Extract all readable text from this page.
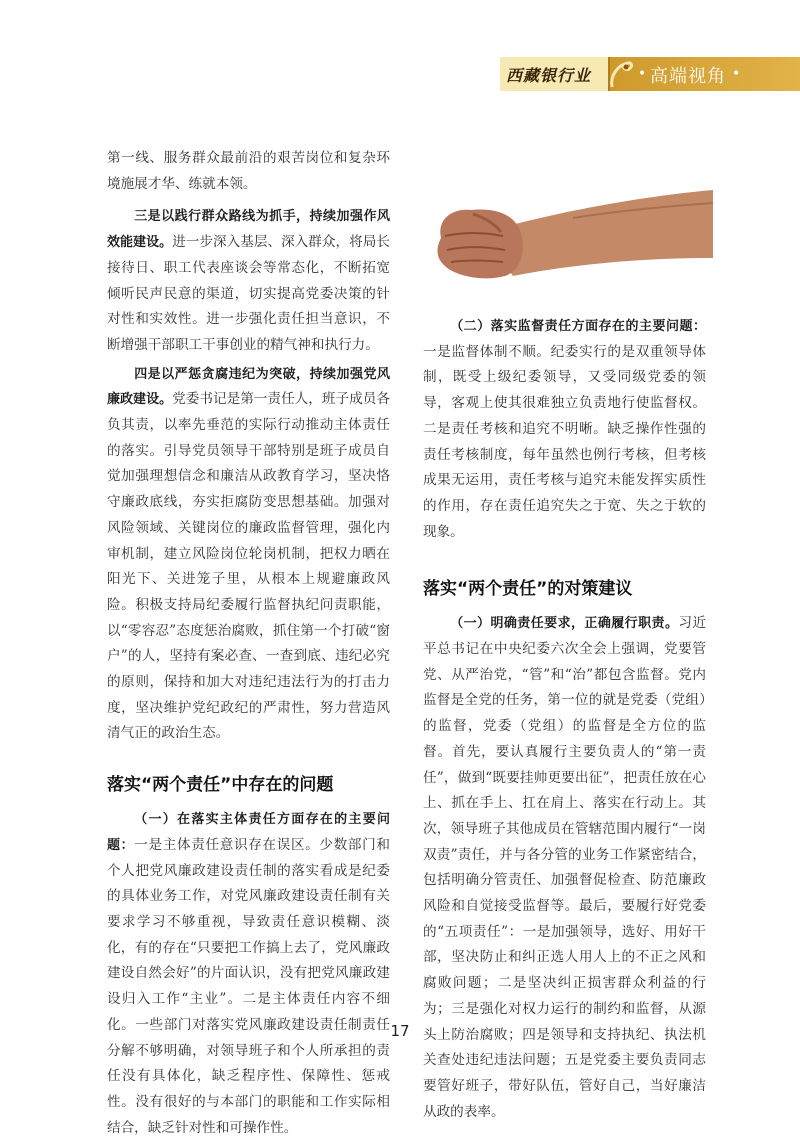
西藏银行业	• 高端视角 •

第一线、服务群众最前沿的艰苦岗位和复杂环境施展才华、练就本领。

三是以践行群众路线为抓手，持续加强作风效能建设。进一步深入基层、深入群众，将局长接待日、职工代表座谈会等常态化，不断拓宽倾听民声民意的渠道，切实提高党委决策的针对性和实效性。进一步强化责任担当意识，不断增强干部职工干事创业的精气神和执行力。

四是以严惩贪腐违纪为突破，持续加强党风廉政建设。党委书记是第一责任人，班子成员各负其责，以率先垂范的实际行动推动主体责任的落实。引导党员领导干部特别是班子成员自觉加强理想信念和廉洁从政教育学习，坚决恪守廉政底线，夯实拒腐防变思想基础。加强对风险领域、关键岗位的廉政监督管理，强化内审机制，建立风险岗位轮岗机制，把权力晒在阳光下、关进笼子里，从根本上规避廉政风险。积极支持局纪委履行监督执纪问责职能，以“零容忍”态度惩治腐败，抓住第一个打破“窗户”的人，坚持有案必查、一查到底、违纪必究的原则，保持和加大对违纪违法行为的打击力度，坚决维护党纪政纪的严肃性，努力营造风清气正的政治生态。

落实“两个责任”中存在的问题

（一）在落实主体责任方面存在的主要问题：一是主体责任意识存在误区。少数部门和个人把党风廉政建设责任制的落实看成是纪委的具体业务工作，对党风廉政建设责任制有关要求学习不够重视，导致责任意识模糊、淡化，有的存在“只要把工作搞上去了，党风廉政建设自然会好”的片面认识，没有把党风廉政建设归入工作“主业”。二是主体责任内容不细化。一些部门对落实党风廉政建设责任制责任分解不够明确，对领导班子和个人所承担的责任没有具体化，缺乏程序性、保障性、惩戒性。没有很好的与本部门的职能和工作实际相结合，缺乏针对性和可操作性。

（二）落实监督责任方面存在的主要问题：一是监督体制不顺。纪委实行的是双重领导体制，既受上级纪委领导，又受同级党委的领导，客观上使其很难独立负责地行使监督权。二是责任考核和追究不明晰。缺乏操作性强的责任考核制度，每年虽然也例行考核，但考核成果无运用，责任考核与追究未能发挥实质性的作用，存在责任追究失之于宽、失之于软的现象。

落实“两个责任”的对策建议

（一）明确责任要求，正确履行职责。习近平总书记在中央纪委六次全会上强调，党要管党、从严治党，“管”和“治”都包含监督。党内监督是全党的任务，第一位的就是党委（党组）的监督，党委（党组）的监督是全方位的监督。首先，要认真履行主要负责人的“第一责任”，做到“既要挂帅更要出征”，把责任放在心上、抓在手上、扛在肩上、落实在行动上。其次，领导班子其他成员在管辖范围内履行“一岗双责”责任，并与各分管的业务工作紧密结合，包括明确分管责任、加强督促检查、防范廉政风险和自觉接受监督等。最后，要履行好党委的“五项责任”：一是加强领导，选好、用好干部，坚决防止和纠正选人用人上的不正之风和腐败问题；二是坚决纠正损害群众利益的行为；三是强化对权力运行的制约和监督，从源头上防治腐败；四是领导和支持执纪、执法机关查处违纪违法问题；五是党委主要负责同志要管好班子，带好队伍，管好自己，当好廉洁从政的表率。

17
